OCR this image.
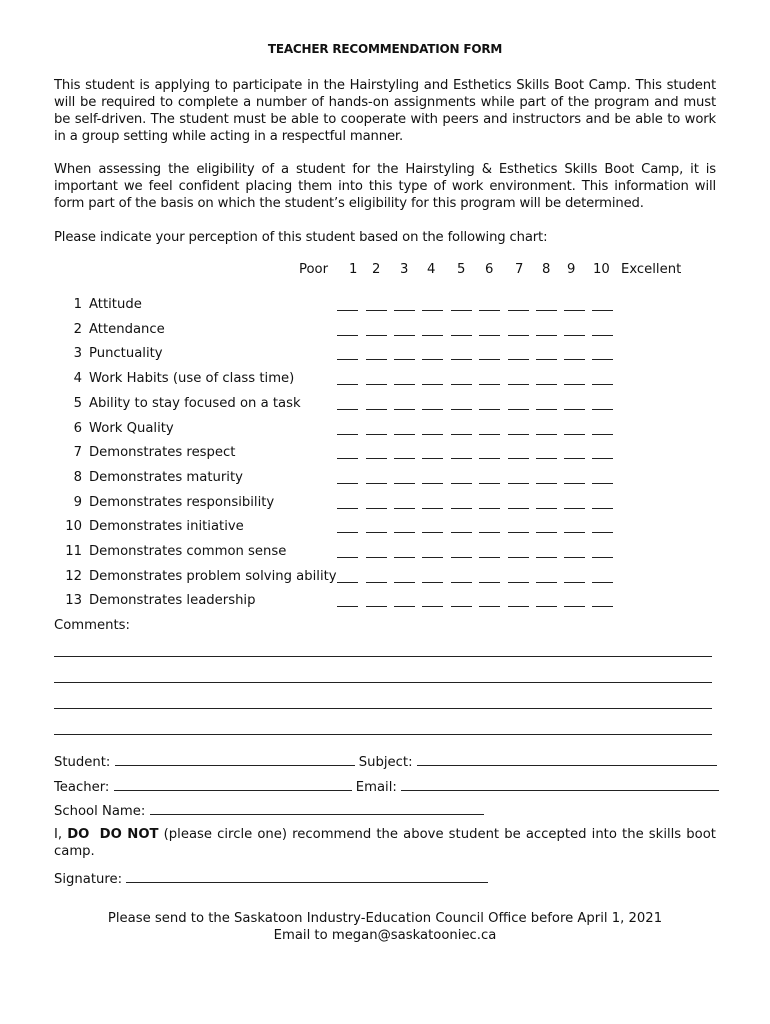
TEACHER RECOMMENDATION FORM
This student is applying to participate in the Hairstyling and Esthetics Skills Boot Camp. This student will be required to complete a number of hands-on assignments while part of the program and must be self-driven. The student must be able to cooperate with peers and instructors and be able to work in a group setting while acting in a respectful manner.
When assessing the eligibility of a student for the Hairstyling & Esthetics Skills Boot Camp, it is important we feel confident placing them into this type of work environment. This information will form part of the basis on which the student’s eligibility for this program will be determined.
Please indicate your perception of this student based on the following chart:
Poor 1 2 3 4 5 6 7 8 9 10 Excellent
1 Attitude
2 Attendance
3 Punctuality
4 Work Habits (use of class time)
5 Ability to stay focused on a task
6 Work Quality
7 Demonstrates respect
8 Demonstrates maturity
9 Demonstrates responsibility
10 Demonstrates initiative
11 Demonstrates common sense
12 Demonstrates problem solving ability
13 Demonstrates leadership
Comments:
Student:	Subject:
Teacher:	Email:
School Name:
I, DO DO NOT (please circle one) recommend the above student be accepted into the skills boot camp.
Signature:
Please send to the Saskatoon Industry-Education Council Office before April 1, 2021
Email to megan@saskatooniec.ca
